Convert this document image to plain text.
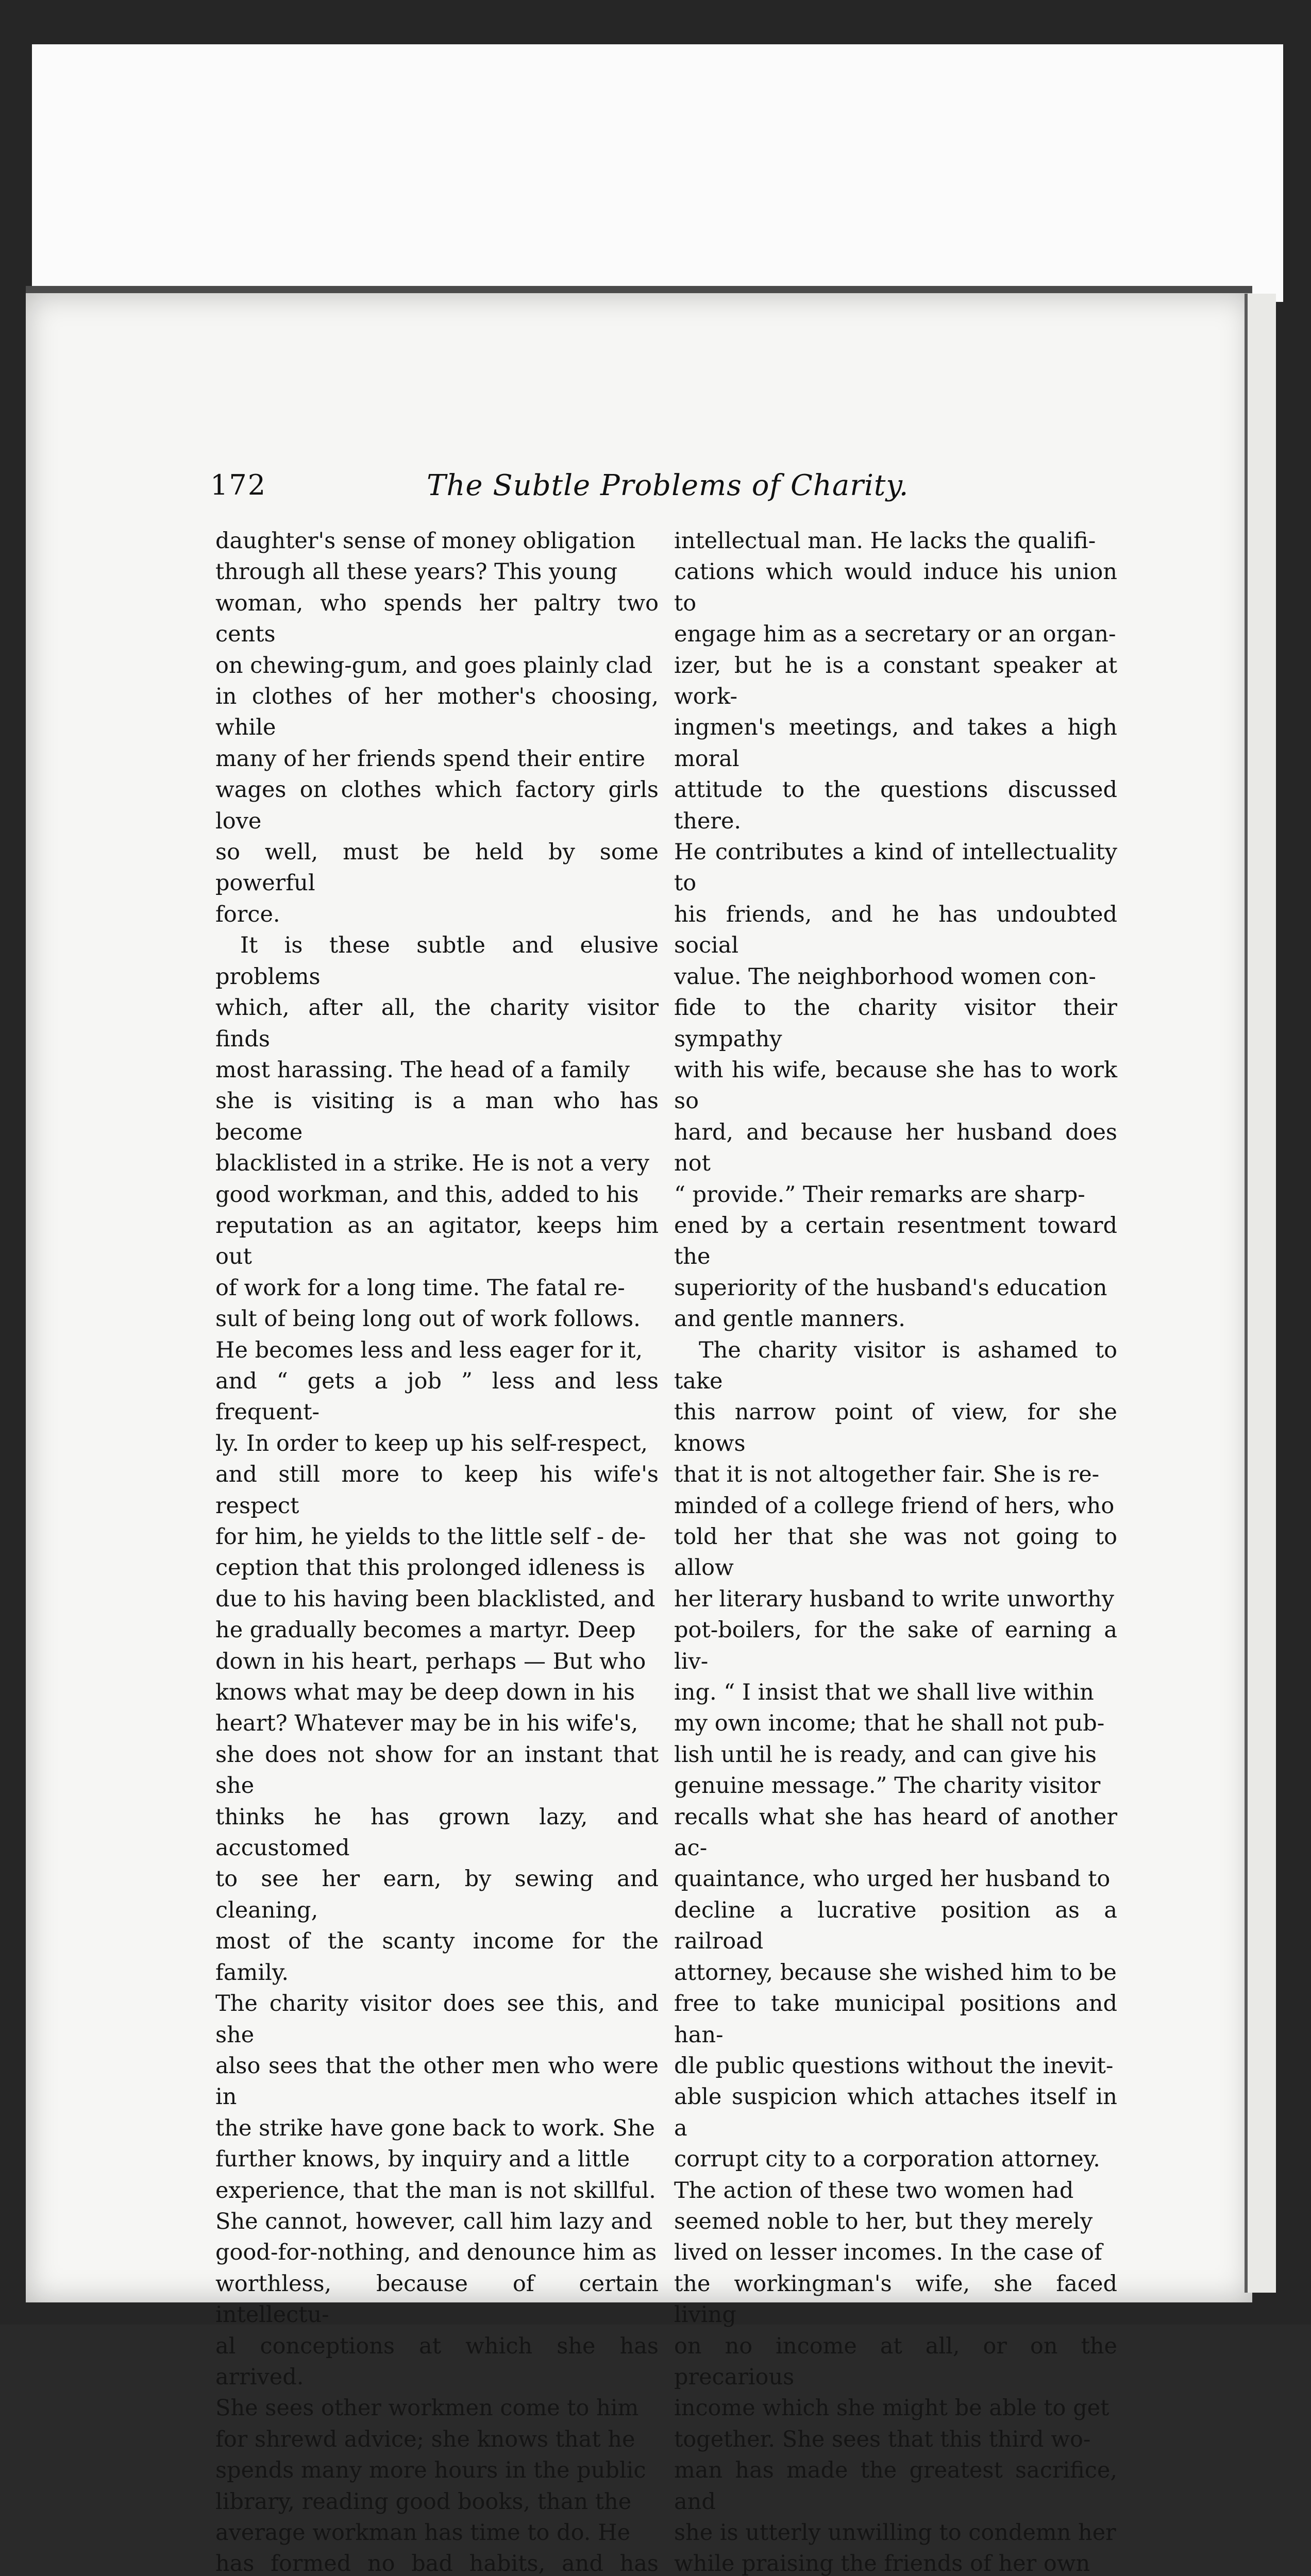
172	The Subtle Problems of Charity.

daughter's sense of money obligation
through all these years? This young
woman, who spends her paltry two cents
on chewing-gum, and goes plainly clad
in clothes of her mother's choosing, while
many of her friends spend their entire
wages on clothes which factory girls love
so well, must be held by some powerful
force.

It is these subtle and elusive problems
which, after all, the charity visitor finds
most harassing. The head of a family
she is visiting is a man who has become
blacklisted in a strike. He is not a very
good workman, and this, added to his
reputation as an agitator, keeps him out
of work for a long time. The fatal re-
sult of being long out of work follows.
He becomes less and less eager for it,
and “ gets a job ” less and less frequent-
ly. In order to keep up his self-respect,
and still more to keep his wife's respect
for him, he yields to the little self - de-
ception that this prolonged idleness is
due to his having been blacklisted, and
he gradually becomes a martyr. Deep
down in his heart, perhaps — But who
knows what may be deep down in his
heart? Whatever may be in his wife's,
she does not show for an instant that she
thinks he has grown lazy, and accustomed
to see her earn, by sewing and cleaning,
most of the scanty income for the family.
The charity visitor does see this, and she
also sees that the other men who were in
the strike have gone back to work. She
further knows, by inquiry and a little
experience, that the man is not skillful.
She cannot, however, call him lazy and
good-for-nothing, and denounce him as
worthless, because of certain intellectu-
al conceptions at which she has arrived.
She sees other workmen come to him
for shrewd advice; she knows that he
spends many more hours in the public
library, reading good books, than the
average workman has time to do. He
has formed no bad habits, and has

intellectual man. He lacks the qualifi-
cations which would induce his union to
engage him as a secretary or an organ-
izer, but he is a constant speaker at work-
ingmen's meetings, and takes a high moral
attitude to the questions discussed there.
He contributes a kind of intellectuality to
his friends, and he has undoubted social
value. The neighborhood women con-
fide to the charity visitor their sympathy
with his wife, because she has to work so
hard, and because her husband does not
“ provide.” Their remarks are sharp-
ened by a certain resentment toward the
superiority of the husband's education
and gentle manners.

The charity visitor is ashamed to take
this narrow point of view, for she knows
that it is not altogether fair. She is re-
minded of a college friend of hers, who
told her that she was not going to allow
her literary husband to write unworthy
pot-boilers, for the sake of earning a liv-
ing. “ I insist that we shall live within
my own income; that he shall not pub-
lish until he is ready, and can give his
genuine message.” The charity visitor
recalls what she has heard of another ac-
quaintance, who urged her husband to
decline a lucrative position as a railroad
attorney, because she wished him to be
free to take municipal positions and han-
dle public questions without the inevit-
able suspicion which attaches itself in a
corrupt city to a corporation attorney.
The action of these two women had
seemed noble to her, but they merely
lived on lesser incomes. In the case of
the workingman's wife, she faced living
on no income at all, or on the precarious
income which she might be able to get
together. She sees that this third wo-
man has made the greatest sacrifice, and
she is utterly unwilling to condemn her
while praising the friends of her own
